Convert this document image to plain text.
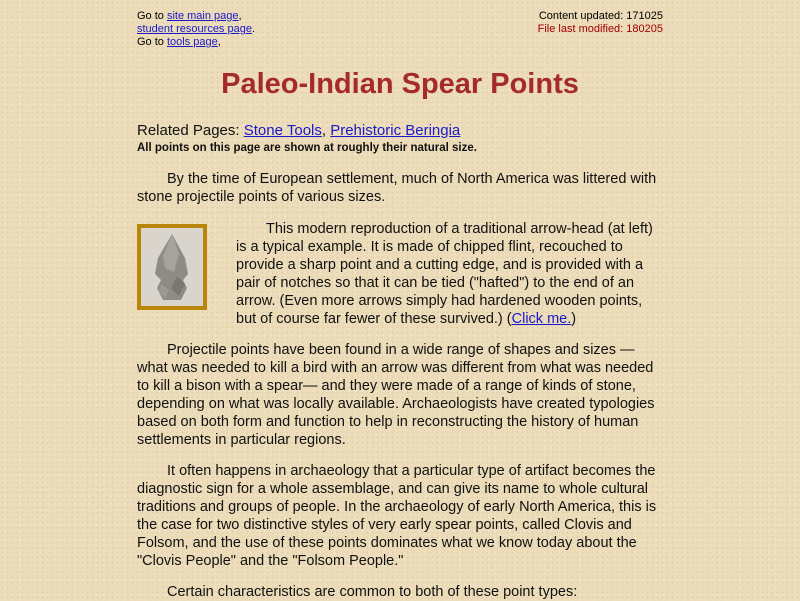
Go to site main page,
student resources page.
Go to tools page,
Content updated: 171025
File last modified: 180205
Paleo-Indian Spear Points
Related Pages: Stone Tools, Prehistoric Beringia
All points on this page are shown at roughly their natural size.

By the time of European settlement, much of North America was littered with stone projectile points of various sizes.

This modern reproduction of a traditional arrow-head (at left) is a typical example. It is made of chipped flint, recouched to provide a sharp point and a cutting edge, and is provided with a pair of notches so that it can be tied ("hafted") to the end of an arrow. (Even more arrows simply had hardened wooden points, but of course far fewer of these survived.) (Click me.)

Projectile points have been found in a wide range of shapes and sizes — what was needed to kill a bird with an arrow was different from what was needed to kill a bison with a spear— and they were made of a range of kinds of stone, depending on what was locally available. Archaeologists have created typologies based on both form and function to help in reconstructing the history of human settlements in particular regions.

It often happens in archaeology that a particular type of artifact becomes the diagnostic sign for a whole assemblage, and can give its name to whole cultural traditions and groups of people. In the archaeology of early North America, this is the case for two distinctive styles of very early spear points, called Clovis and Folsom, and the use of these points dominates what we know today about the "Clovis People" and the "Folsom People."

Certain characteristics are common to both of these point types:
